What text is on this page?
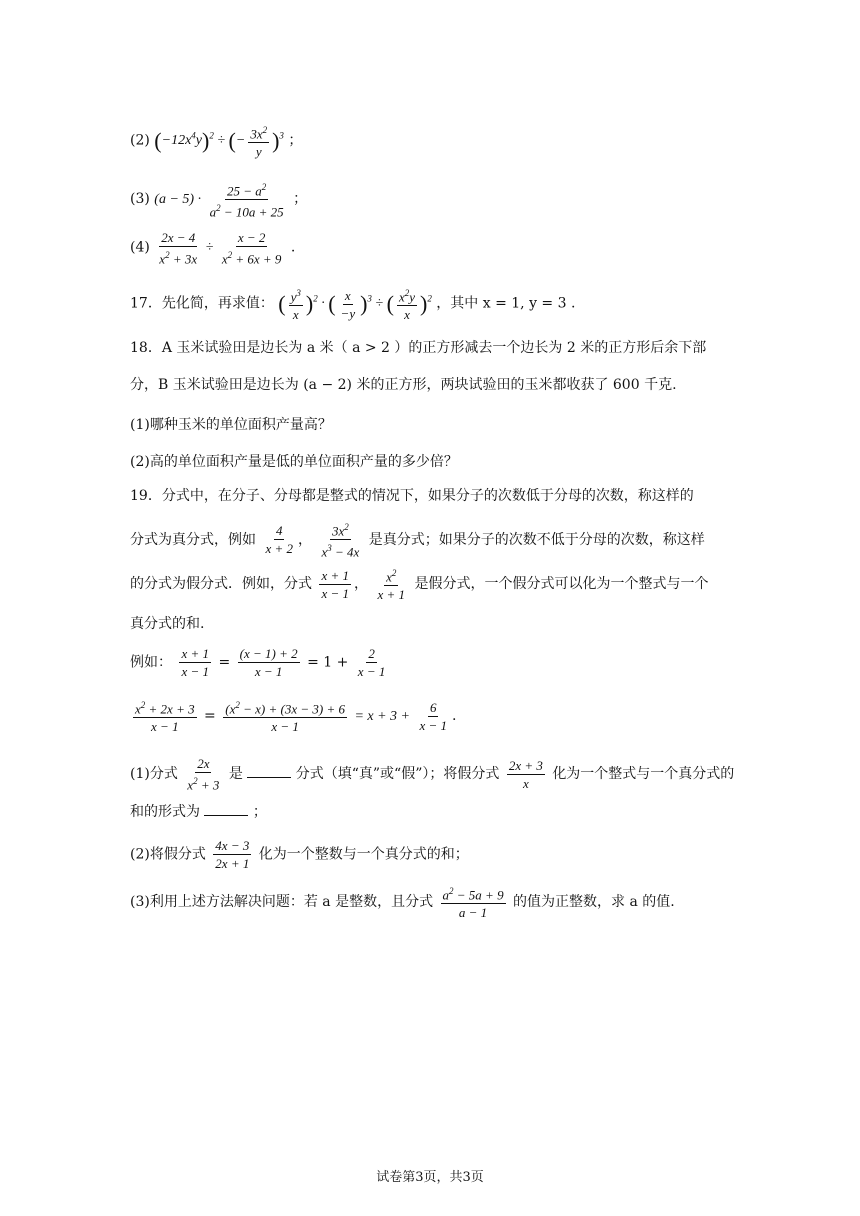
(2) $(-12x^4y)^2$ ÷ (− $\frac{3x^2}{y} )^3$ ；
(3) $(a - 5) \cdot \frac{25 - a^2}{a^2 - 10a + 25}$ ；
$(4) \frac{2x - 4}{x^2 + 3x} \div \frac{x - 2}{x^2 + 6x + 9}$ .
17．先化简，再求值： ( $\frac{y^3}{x} )^2$ · ( $\frac{x}{-y} )^3$ ÷ ( $\frac{x^2y}{x} )^2$ ，其中 x = 1, y = 3 .
18．A 玉米试验田是边长为 a 米（ a > 2 ）的正方形减去一个边长为 2 米的正方形后余下部
分，B 玉米试验田是边长为 (a − 2) 米的正方形，两块试验田的玉米都收获了 600 千克.
(1)哪种玉米的单位面积产量高？
(2)高的单位面积产量是低的单位面积产量的多少倍？
19．分式中，在分子、分母都是整式的情况下，如果分子的次数低于分母的次数，称这样的
分式为真分式，例如 $\frac{4}{x + 2}$ ， $\frac{3x^2}{x^3 - 4x}$ 是真分式；如果分子的次数不低于分母的次数，称这样
的分式为假分式．例如，分式 $\frac{x + 1}{x - 1}$ ， $\frac{x^2}{x + 1}$ 是假分式，一个假分式可以化为一个整式与一个
真分式的和.
例如： $\frac{x + 1}{x - 1} = \frac{(x - 1) + 2}{x - 1} = 1 + \frac{2}{x - 1}$
$\frac{x^2 + 2x + 3}{x - 1} = \frac{(x^2 - x) + (3x - 3) + 6}{x - 1} = x + 3 + \frac{6}{x - 1}$ .
(1)分式 $\frac{2x}{x^2 + 3}$ 是	分式（填“真”或“假”）；将假分式 $\frac{2x + 3}{x}$ 化为一个整式与一个真分式的
和的形式为	；
(2)将假分式 $\frac{4x - 3}{2x + 1}$ 化为一个整数与一个真分式的和；
(3)利用上述方法解决问题：若 a 是整数，且分式 $\frac{a^2 - 5a + 9}{a - 1}$ 的值为正整数，求 a 的值.
试卷第3页，共3页
